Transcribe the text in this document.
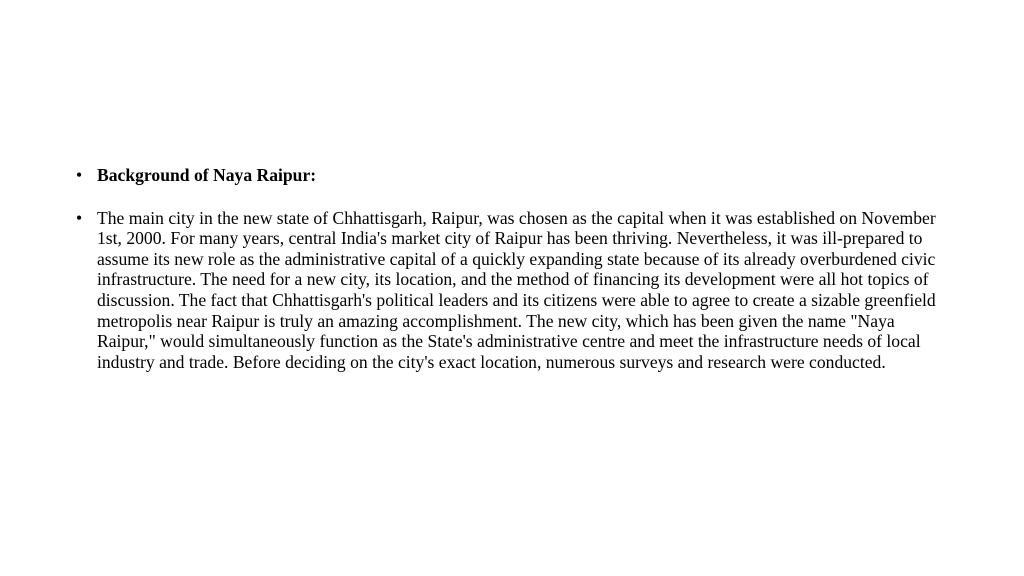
• Background of Naya Raipur:
• The main city in the new state of Chhattisgarh, Raipur, was chosen as the capital when it was established on November 1st, 2000. For many years, central India's market city of Raipur has been thriving. Nevertheless, it was ill-prepared to assume its new role as the administrative capital of a quickly expanding state because of its already overburdened civic infrastructure. The need for a new city, its location, and the method of financing its development were all hot topics of discussion. The fact that Chhattisgarh's political leaders and its citizens were able to agree to create a sizable greenfield metropolis near Raipur is truly an amazing accomplishment. The new city, which has been given the name "Naya Raipur," would simultaneously function as the State's administrative centre and meet the infrastructure needs of local industry and trade. Before deciding on the city's exact location, numerous surveys and research were conducted.
